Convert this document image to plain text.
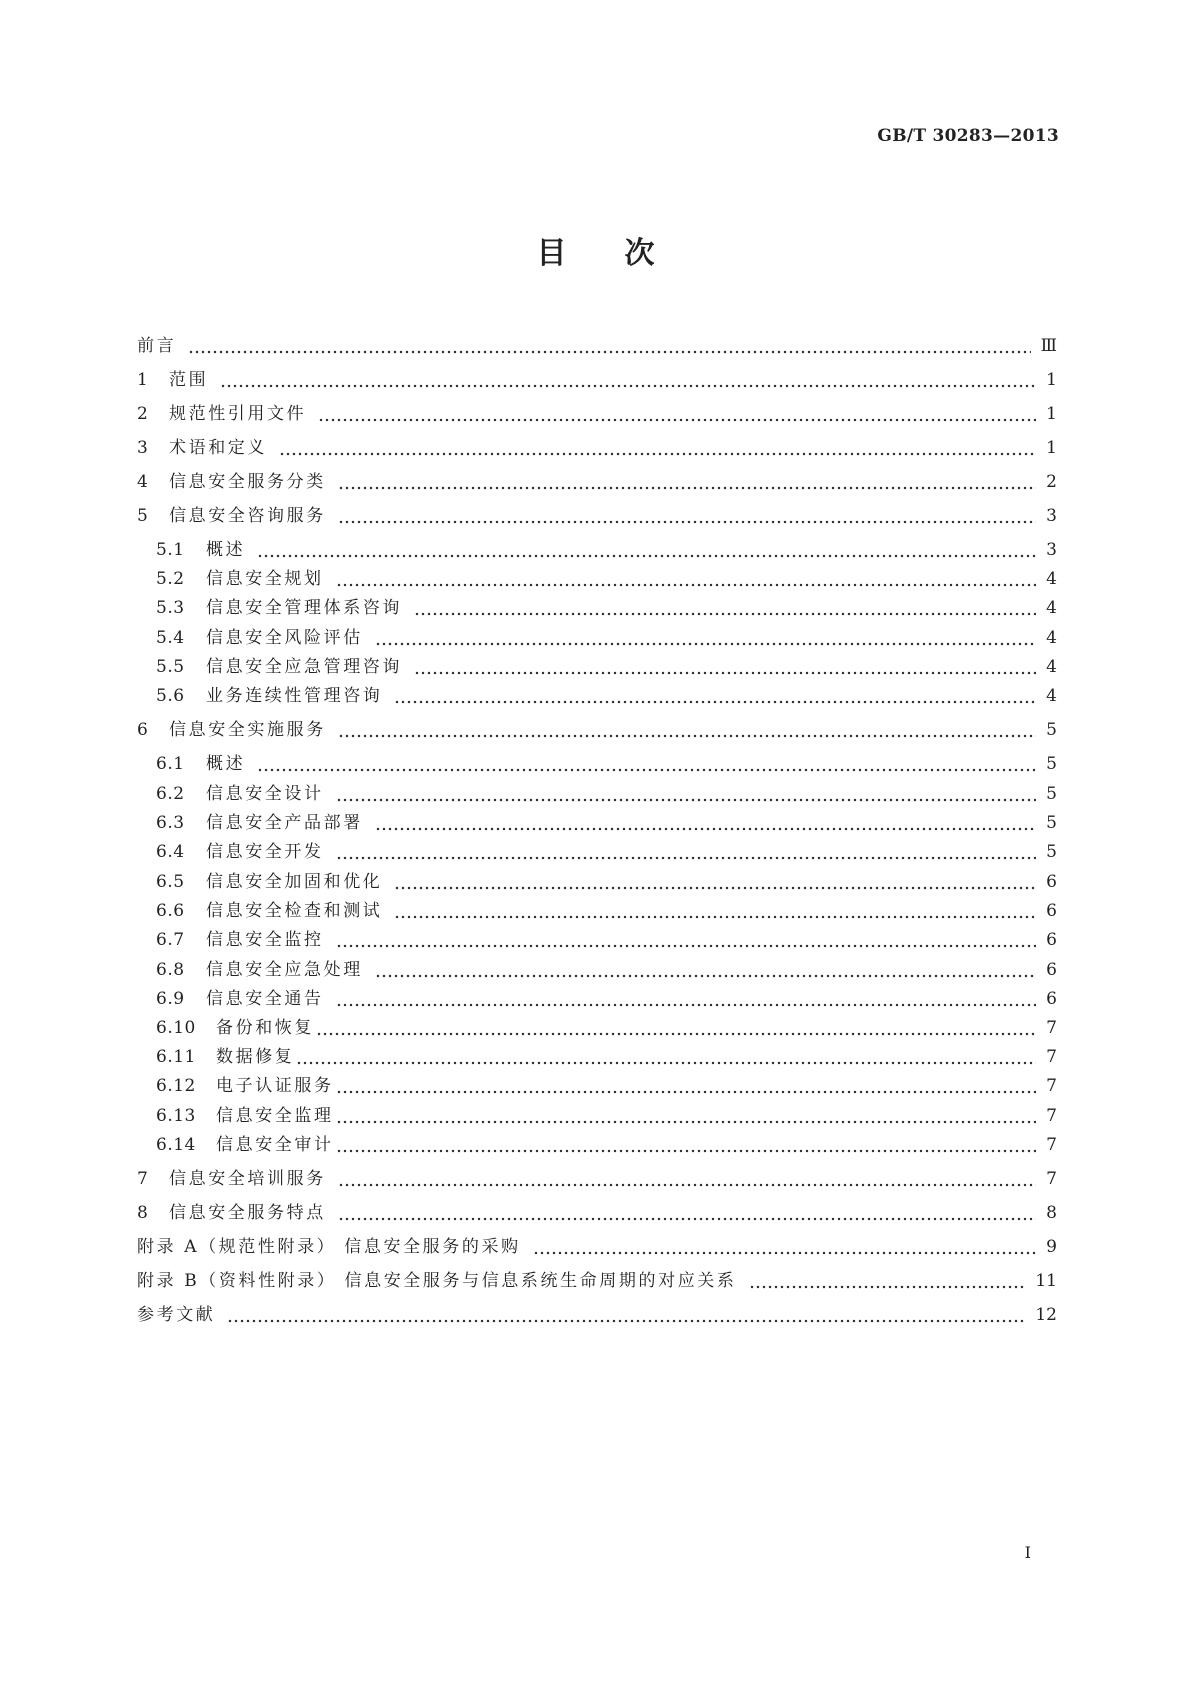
GB/T 30283—2013
目次
前言	Ⅲ
1	范围	1
2	规范性引用文件	1
3	术语和定义	1
4	信息安全服务分类	2
5	信息安全咨询服务	3
5.1	概述	3
5.2	信息安全规划	4
5.3	信息安全管理体系咨询	4
5.4	信息安全风险评估	4
5.5	信息安全应急管理咨询	4
5.6	业务连续性管理咨询	4
6	信息安全实施服务	5
6.1	概述	5
6.2	信息安全设计	5
6.3	信息安全产品部署	5
6.4	信息安全开发	5
6.5	信息安全加固和优化	6
6.6	信息安全检查和测试	6
6.7	信息安全监控	6
6.8	信息安全应急处理	6
6.9	信息安全通告	6
6.10	备份和恢复	7
6.11	数据修复	7
6.12	电子认证服务	7
6.13	信息安全监理	7
6.14	信息安全审计	7
7	信息安全培训服务	7
8	信息安全服务特点	8
附录 A（规范性附录） 信息安全服务的采购	9
附录 B（资料性附录） 信息安全服务与信息系统生命周期的对应关系	11
参考文献	12
I
